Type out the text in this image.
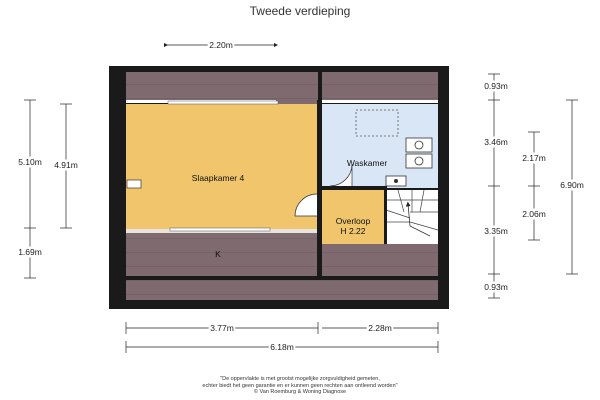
Tweede verdieping
Slaapkamer 4
Waskamer
Overloop
H 2.22
K
2.20m
5.10m 4.91m
1.69m
0.93m
3.46m
3.35m
0.93m
2.17m
2.06m
6.90m
3.77m	2.28m
6.18m
"De oppervlakte is met grootst mogelijke zorgvuldigheid gemeten,
echter biedt het geen garantie en er kunnen geen rechten aan ontleend worden"
© Van Roemburg & Woning Diagnose
